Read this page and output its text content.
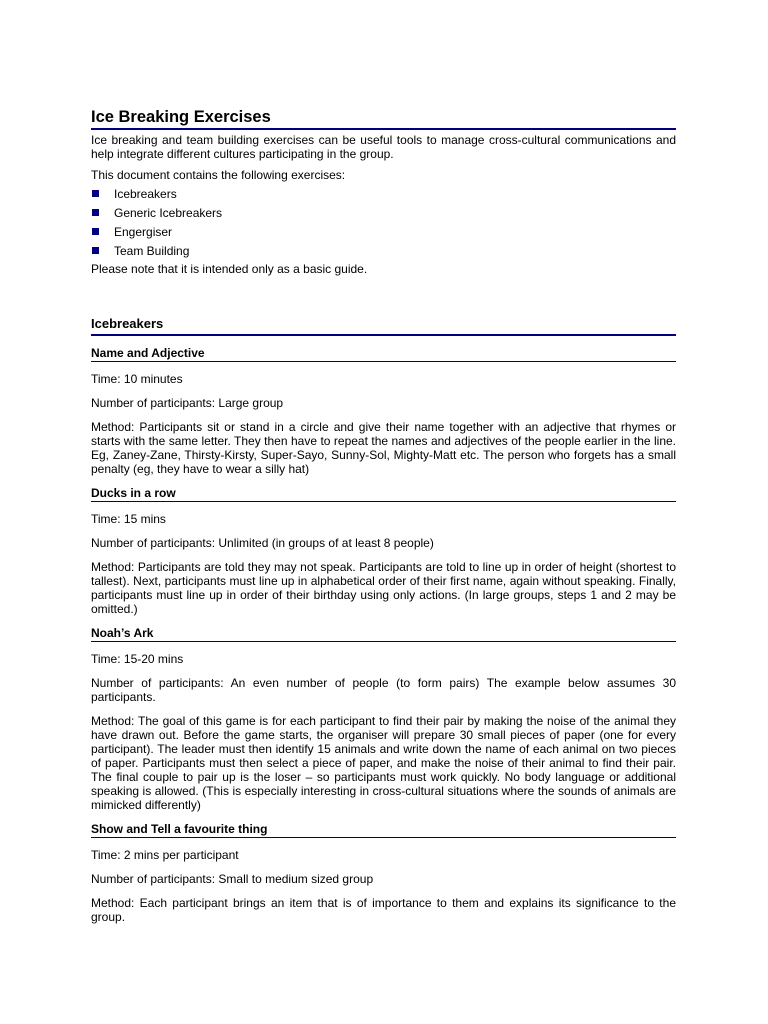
Ice Breaking Exercises

Ice breaking and team building exercises can be useful tools to manage cross-cultural communications and help integrate different cultures participating in the group.

This document contains the following exercises:

Icebreakers
Generic Icebreakers
Engergiser
Team Building

Please note that it is intended only as a basic guide.

Icebreakers
Name and Adjective

Time: 10 minutes

Number of participants: Large group

Method: Participants sit or stand in a circle and give their name together with an adjective that rhymes or starts with the same letter. They then have to repeat the names and adjectives of the people earlier in the line. Eg, Zaney-Zane, Thirsty-Kirsty, Super-Sayo, Sunny-Sol, Mighty-Matt etc. The person who forgets has a small penalty (eg, they have to wear a silly hat)

Ducks in a row

Time: 15 mins

Number of participants: Unlimited (in groups of at least 8 people)

Method: Participants are told they may not speak. Participants are told to line up in order of height (shortest to tallest). Next, participants must line up in alphabetical order of their first name, again without speaking. Finally, participants must line up in order of their birthday using only actions. (In large groups, steps 1 and 2 may be omitted.)

Noah’s Ark

Time: 15-20 mins

Number of participants: An even number of people (to form pairs) The example below assumes 30 participants.

Method: The goal of this game is for each participant to find their pair by making the noise of the animal they have drawn out. Before the game starts, the organiser will prepare 30 small pieces of paper (one for every participant). The leader must then identify 15 animals and write down the name of each animal on two pieces of paper. Participants must then select a piece of paper, and make the noise of their animal to find their pair. The final couple to pair up is the loser – so participants must work quickly. No body language or additional speaking is allowed. (This is especially interesting in cross-cultural situations where the sounds of animals are mimicked differently)

Show and Tell a favourite thing

Time: 2 mins per participant

Number of participants: Small to medium sized group

Method: Each participant brings an item that is of importance to them and explains its significance to the group.
